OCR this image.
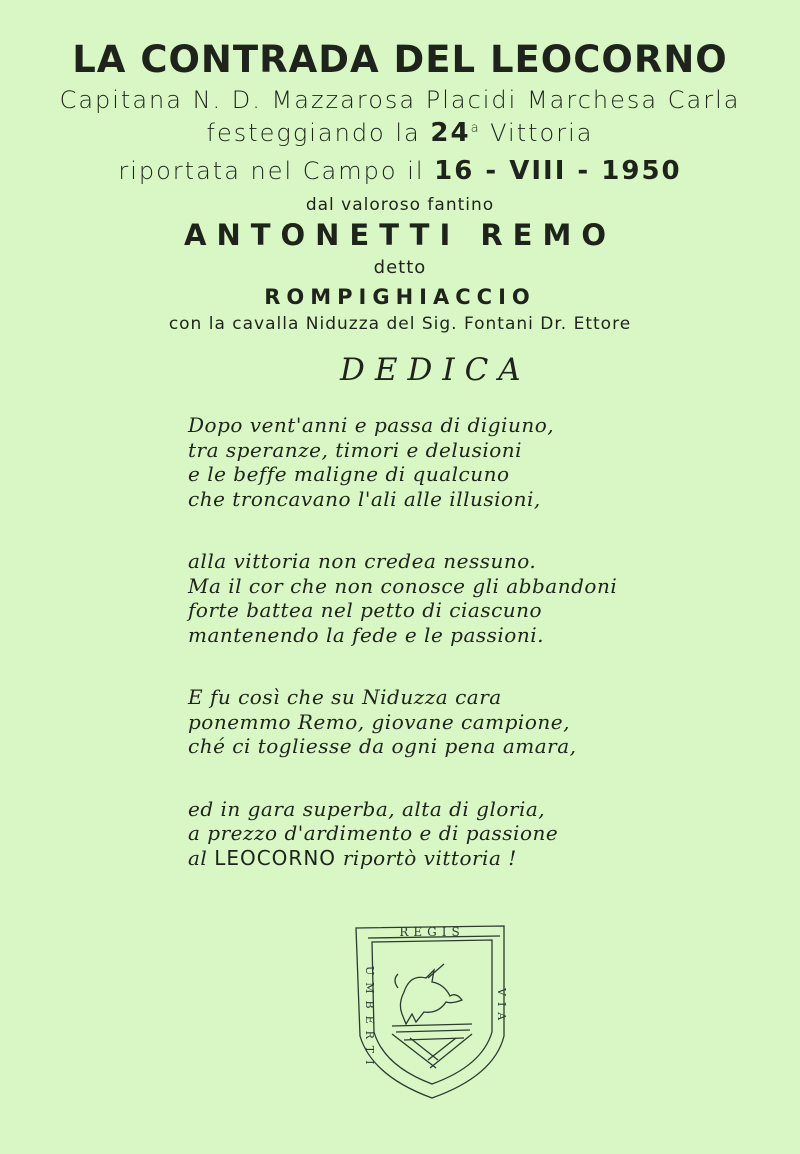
LA CONTRADA DEL LEOCORNO
Capitana N. D. Mazzarosa Placidi Marchesa Carla
festeggiando la 24$^a$ Vittoria
riportata nel Campo il 16 - VIII - 1950
dal valoroso fantino
ANTONETTI REMO
detto
ROMPIGHIACCIO
con la cavalla Niduzza del Sig. Fontani Dr. Ettore
DEDICA
Dopo vent'anni e passa di digiuno,
tra speranze, timori e delusioni
e le beffe maligne di qualcuno
che troncavano l'ali alle illusioni,
alla vittoria non credea nessuno.
Ma il cor che non conosce gli abbandoni
forte battea nel petto di ciascuno
mantenendo la fede e le passioni.
E fu così che su Niduzza cara
ponemmo Remo, giovane campione,
ché ci togliesse da ogni pena amara,
ed in gara superba, alta di gloria,
a prezzo d'ardimento e di passione
al LEOCORNO riportò vittoria !
REGIS
UMBERTI	VIA
